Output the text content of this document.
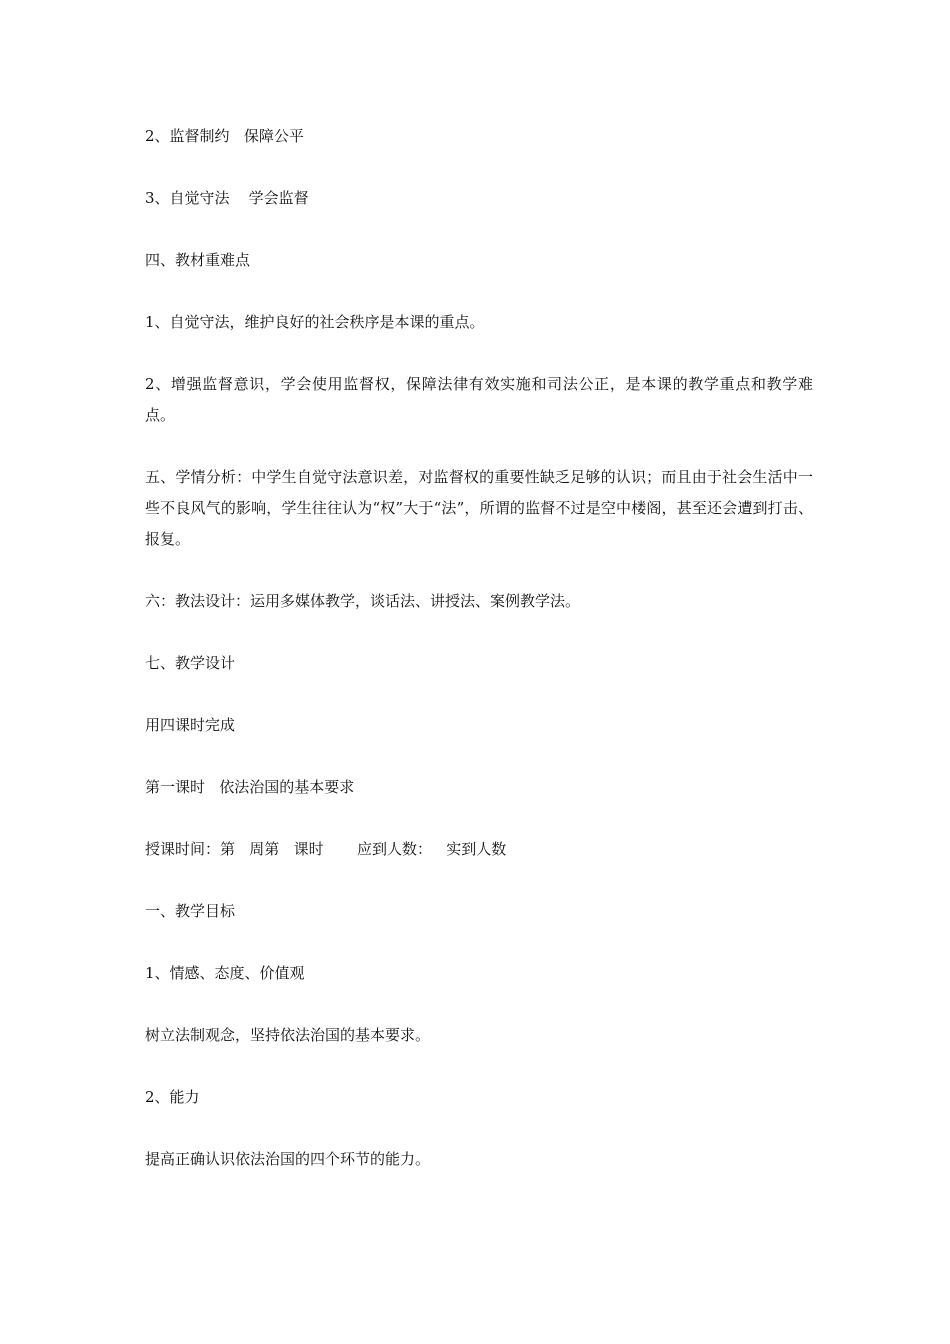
2、监督制约   保障公平

3、自觉守法    学会监督

四、教材重难点

1、自觉守法，维护良好的社会秩序是本课的重点。

2、增强监督意识，学会使用监督权，保障法律有效实施和司法公正，是本课的教学重点和教学难点。

五、学情分析：中学生自觉守法意识差，对监督权的重要性缺乏足够的认识；而且由于社会生活中一些不良风气的影响，学生往往认为“权”大于“法”，所谓的监督不过是空中楼阁，甚至还会遭到打击、报复。

六：教法设计：运用多媒体教学，谈话法、讲授法、案例教学法。

七、教学设计

用四课时完成

第一课时   依法治国的基本要求

授课时间：第   周第   课时       应到人数：   实到人数

一、教学目标

1、情感、态度、价值观

树立法制观念，坚持依法治国的基本要求。

2、能力

提高正确认识依法治国的四个环节的能力。
